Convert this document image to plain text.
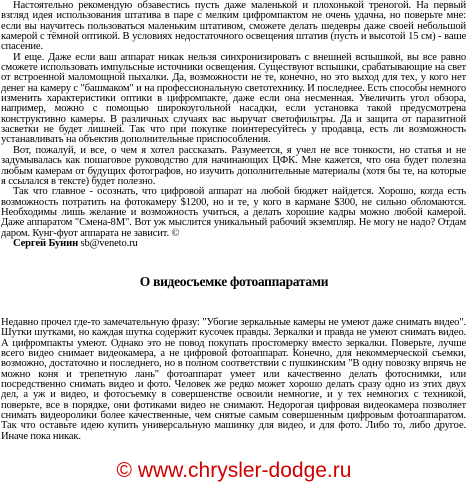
Настоятельно рекомендую обзавестись пусть даже маленькой и плохонькой треногой. На первый взгляд идея использования штатива в паре с мелким цифромпактом не очень удачна, но поверьте мне: если вы научитесь пользоваться маленьким штативом, сможете делать шедевры даже своей небольшой камерой с тёмной оптикой. В условиях недостаточного освещения штатив (пусть и высотой 15 см) - ваше спасение.

И еще. Даже если ваш аппарат никак нельзя синхронизировать с внешней вспышкой, вы все равно сможете использовать импульсные источники освещения. Существуют вспышки, срабатывающие на свет от встроенной маломощной пыхалки. Да, возможности не те, конечно, но это выход для тех, у кого нет денег на камеру с "башмаком" и на профессиональную светотехнику. И последнее. Есть способы немного изменить характеристики оптики в цифромпакте, даже если она несменная. Увеличить угол обзора, например, можно с помощью широкоугольной насадки, если установка такой предусмотрена конструктивно камеры. В различных случаях вас выручат светофильтры. Да и защита от паразитной засветки не будет лишней. Так что при покупке поинтересуйтесь у продавца, есть ли возможность устанавливать на объектив дополнительные приспособления.

Вот, пожалуй, и все, о чем я хотел рассказать. Разумеется, я учел не все тонкости, но статья и не задумывалась как пошаговое руководство для начинающих ЦФК. Мне кажется, что она будет полезна любым камерам от будущих фотографов, но изучить дополнительные материалы (хотя бы те, на которые я ссылался в тексте) будет полезно.

Так что главное - осознать, что цифровой аппарат на любой бюджет найдется. Хорошо, когда есть возможность потратить на фотокамеру $1200, но и те, у кого в кармане $300, не сильно обломаются. Необходимы лишь желание и возможность учиться, а делать хорошие кадры можно любой камерой. Даже аппаратом "Смена-8М". Вот уж мыслится уникальный рабочий экземпляр. Не могу не надо? Отдам даром. Кунг-фуот аппарата не зависит. ©

Сергей Бунин sb@veneto.ru

О видеосъемке фотоаппаратами

Недавно прочел где-то замечательную фразу: "Убогие зеркальные камеры не умеют даже снимать видео". Шутки шутками, но каждая шутка содержит кусочек правды. Зеркалки и правда не умеют снимать видео. А цифромпакты умеют. Однако это не повод покупать простомерку вместо зеркалки. Поверьте, лучше всего видео снимает видеокамера, а не цифровой фотоаппарат. Конечно, для некоммерческой съемки, возможно, достаточно и последнего, но в полном соответствии с пушкинским "В одну повозку впрячь не можно коня и трепетную лань" фотоаппарат умеет или качественно делать фотоснимки, или посредственно снимать видео и фото. Человек же редко может хорошо делать сразу одно из этих двух дел, а уж и видео, и фотосъемку в совершенстве освоили немногие, и у тех немногих с техникой, поверьте, все в порядке, они фотиками видео не снимают. Недорогая цифровая видеокамера позволяет снимать видеоролики более качественные, чем снятые самым совершенным цифровым фотоаппаратом. Так что оставьте идею купить универсальную машинку для видео, и для фото. Либо то, либо другое. Иначе пока никак.

© www.chrysler-dodge.ru
